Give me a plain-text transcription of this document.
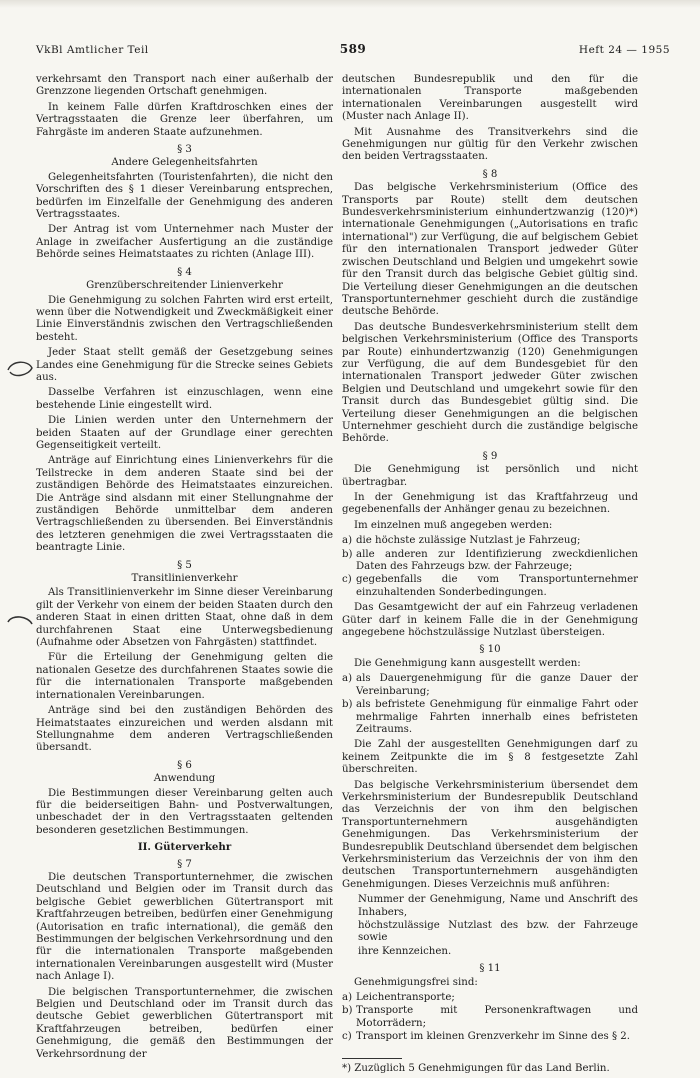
VkBl Amtlicher Teil	589	Heft 24 — 1955

verkehrsamt den Transport nach einer außerhalb der Grenzzone liegenden Ortschaft genehmigen.

In keinem Falle dürfen Kraftdroschken eines der Vertragsstaaten die Grenze leer überfahren, um Fahrgäste im anderen Staate aufzunehmen.

§ 3
Andere Gelegenheitsfahrten

Gelegenheitsfahrten (Touristenfahrten), die nicht den Vorschriften des § 1 dieser Vereinbarung entsprechen, bedürfen im Einzelfalle der Genehmigung des anderen Vertragsstaates.

Der Antrag ist vom Unternehmer nach Muster der Anlage in zweifacher Ausfertigung an die zuständige Behörde seines Heimatstaates zu richten (Anlage III).

§ 4
Grenzüberschreitender Linienverkehr

Die Genehmigung zu solchen Fahrten wird erst erteilt, wenn über die Notwendigkeit und Zweckmäßigkeit einer Linie Einverständnis zwischen den Vertragschließenden besteht.

Jeder Staat stellt gemäß der Gesetzgebung seines Landes eine Genehmigung für die Strecke seines Gebiets aus.

Dasselbe Verfahren ist einzuschlagen, wenn eine bestehende Linie eingestellt wird.

Die Linien werden unter den Unternehmern der beiden Staaten auf der Grundlage einer gerechten Gegenseitigkeit verteilt.

Anträge auf Einrichtung eines Linienverkehrs für die Teilstrecke in dem anderen Staate sind bei der zuständigen Behörde des Heimatstaates einzureichen. Die Anträge sind alsdann mit einer Stellungnahme der zuständigen Behörde unmittelbar dem anderen Vertragschließenden zu übersenden. Bei Einverständnis des letzteren genehmigen die zwei Vertragsstaaten die beantragte Linie.

§ 5
Transitlinienverkehr

Als Transitlinienverkehr im Sinne dieser Vereinbarung gilt der Verkehr von einem der beiden Staaten durch den anderen Staat in einen dritten Staat, ohne daß in dem durchfahrenen Staat eine Unterwegsbedienung (Aufnahme oder Absetzen von Fahrgästen) stattfindet.

Für die Erteilung der Genehmigung gelten die nationalen Gesetze des durchfahrenen Staates sowie die für die internationalen Transporte maßgebenden internationalen Vereinbarungen.

Anträge sind bei den zuständigen Behörden des Heimatstaates einzureichen und werden alsdann mit Stellungnahme dem anderen Vertragschließenden übersandt.

§ 6
Anwendung

Die Bestimmungen dieser Vereinbarung gelten auch für die beiderseitigen Bahn- und Postverwaltungen, unbeschadet der in den Vertragsstaaten geltenden besonderen gesetzlichen Bestimmungen.

II. Güterverkehr
§ 7

Die deutschen Transportunternehmer, die zwischen Deutschland und Belgien oder im Transit durch das belgische Gebiet gewerblichen Gütertransport mit Kraftfahrzeugen betreiben, bedürfen einer Genehmigung (Autorisation en trafic international), die gemäß den Bestimmungen der belgischen Verkehrsordnung und den für die internationalen Transporte maßgebenden internationalen Vereinbarungen ausgestellt wird (Muster nach Anlage I).

Die belgischen Transportunternehmer, die zwischen Belgien und Deutschland oder im Transit durch das deutsche Gebiet gewerblichen Gütertransport mit Kraftfahrzeugen betreiben, bedürfen einer Genehmigung, die gemäß den Bestimmungen der Verkehrsordnung der

deutschen Bundesrepublik und den für die internationalen Transporte maßgebenden internationalen Vereinbarungen ausgestellt wird (Muster nach Anlage II).

Mit Ausnahme des Transitverkehrs sind die Genehmigungen nur gültig für den Verkehr zwischen den beiden Vertragsstaaten.

§ 8

Das belgische Verkehrsministerium (Office des Transports par Route) stellt dem deutschen Bundesverkehrsministerium einhundertzwanzig (120)*) internationale Genehmigungen („Autorisations en trafic international") zur Verfügung, die auf belgischem Gebiet für den internationalen Transport jedweder Güter zwischen Deutschland und Belgien und umgekehrt sowie für den Transit durch das belgische Gebiet gültig sind. Die Verteilung dieser Genehmigungen an die deutschen Transportunternehmer geschieht durch die zuständige deutsche Behörde.

Das deutsche Bundesverkehrsministerium stellt dem belgischen Verkehrsministerium (Office des Transports par Route) einhundertzwanzig (120) Genehmigungen zur Verfügung, die auf dem Bundesgebiet für den internationalen Transport jedweder Güter zwischen Belgien und Deutschland und umgekehrt sowie für den Transit durch das Bundesgebiet gültig sind. Die Verteilung dieser Genehmigungen an die belgischen Unternehmer geschieht durch die zuständige belgische Behörde.

§ 9

Die Genehmigung ist persönlich und nicht übertragbar.

In der Genehmigung ist das Kraftfahrzeug und gegebenenfalls der Anhänger genau zu bezeichnen.

Im einzelnen muß angegeben werden:

a) die höchste zulässige Nutzlast je Fahrzeug;
b) alle anderen zur Identifizierung zweckdienlichen Daten des Fahrzeugs bzw. der Fahrzeuge;
c) gegebenfalls die vom Transportunternehmer einzuhaltenden Sonderbedingungen.

Das Gesamtgewicht der auf ein Fahrzeug verladenen Güter darf in keinem Falle die in der Genehmigung angegebene höchstzulässige Nutzlast übersteigen.

§ 10

Die Genehmigung kann ausgestellt werden:

a) als Dauergenehmigung für die ganze Dauer der Vereinbarung;
b) als befristete Genehmigung für einmalige Fahrt oder mehrmalige Fahrten innerhalb eines befristeten Zeitraums.

Die Zahl der ausgestellten Genehmigungen darf zu keinem Zeitpunkte die im § 8 festgesetzte Zahl überschreiten.

Das belgische Verkehrsministerium übersendet dem Verkehrsministerium der Bundesrepublik Deutschland das Verzeichnis der von ihm den belgischen Transportunternehmern ausgehändigten Genehmigungen. Das Verkehrsministerium der Bundesrepublik Deutschland übersendet dem belgischen Verkehrsministerium das Verzeichnis der von ihm den deutschen Transportunternehmern ausgehändigten Genehmigungen. Dieses Verzeichnis muß anführen:

Nummer der Genehmigung, Name und Anschrift des Inhabers,
höchstzulässige Nutzlast des bzw. der Fahrzeuge sowie
ihre Kennzeichen.
§ 11

Genehmigungsfrei sind:

a) Leichentransporte;
b) Transporte mit Personenkraftwagen und Motorrädern;
c) Transport im kleinen Grenzverkehr im Sinne des § 2.

*) Zuzüglich 5 Genehmigungen für das Land Berlin.
